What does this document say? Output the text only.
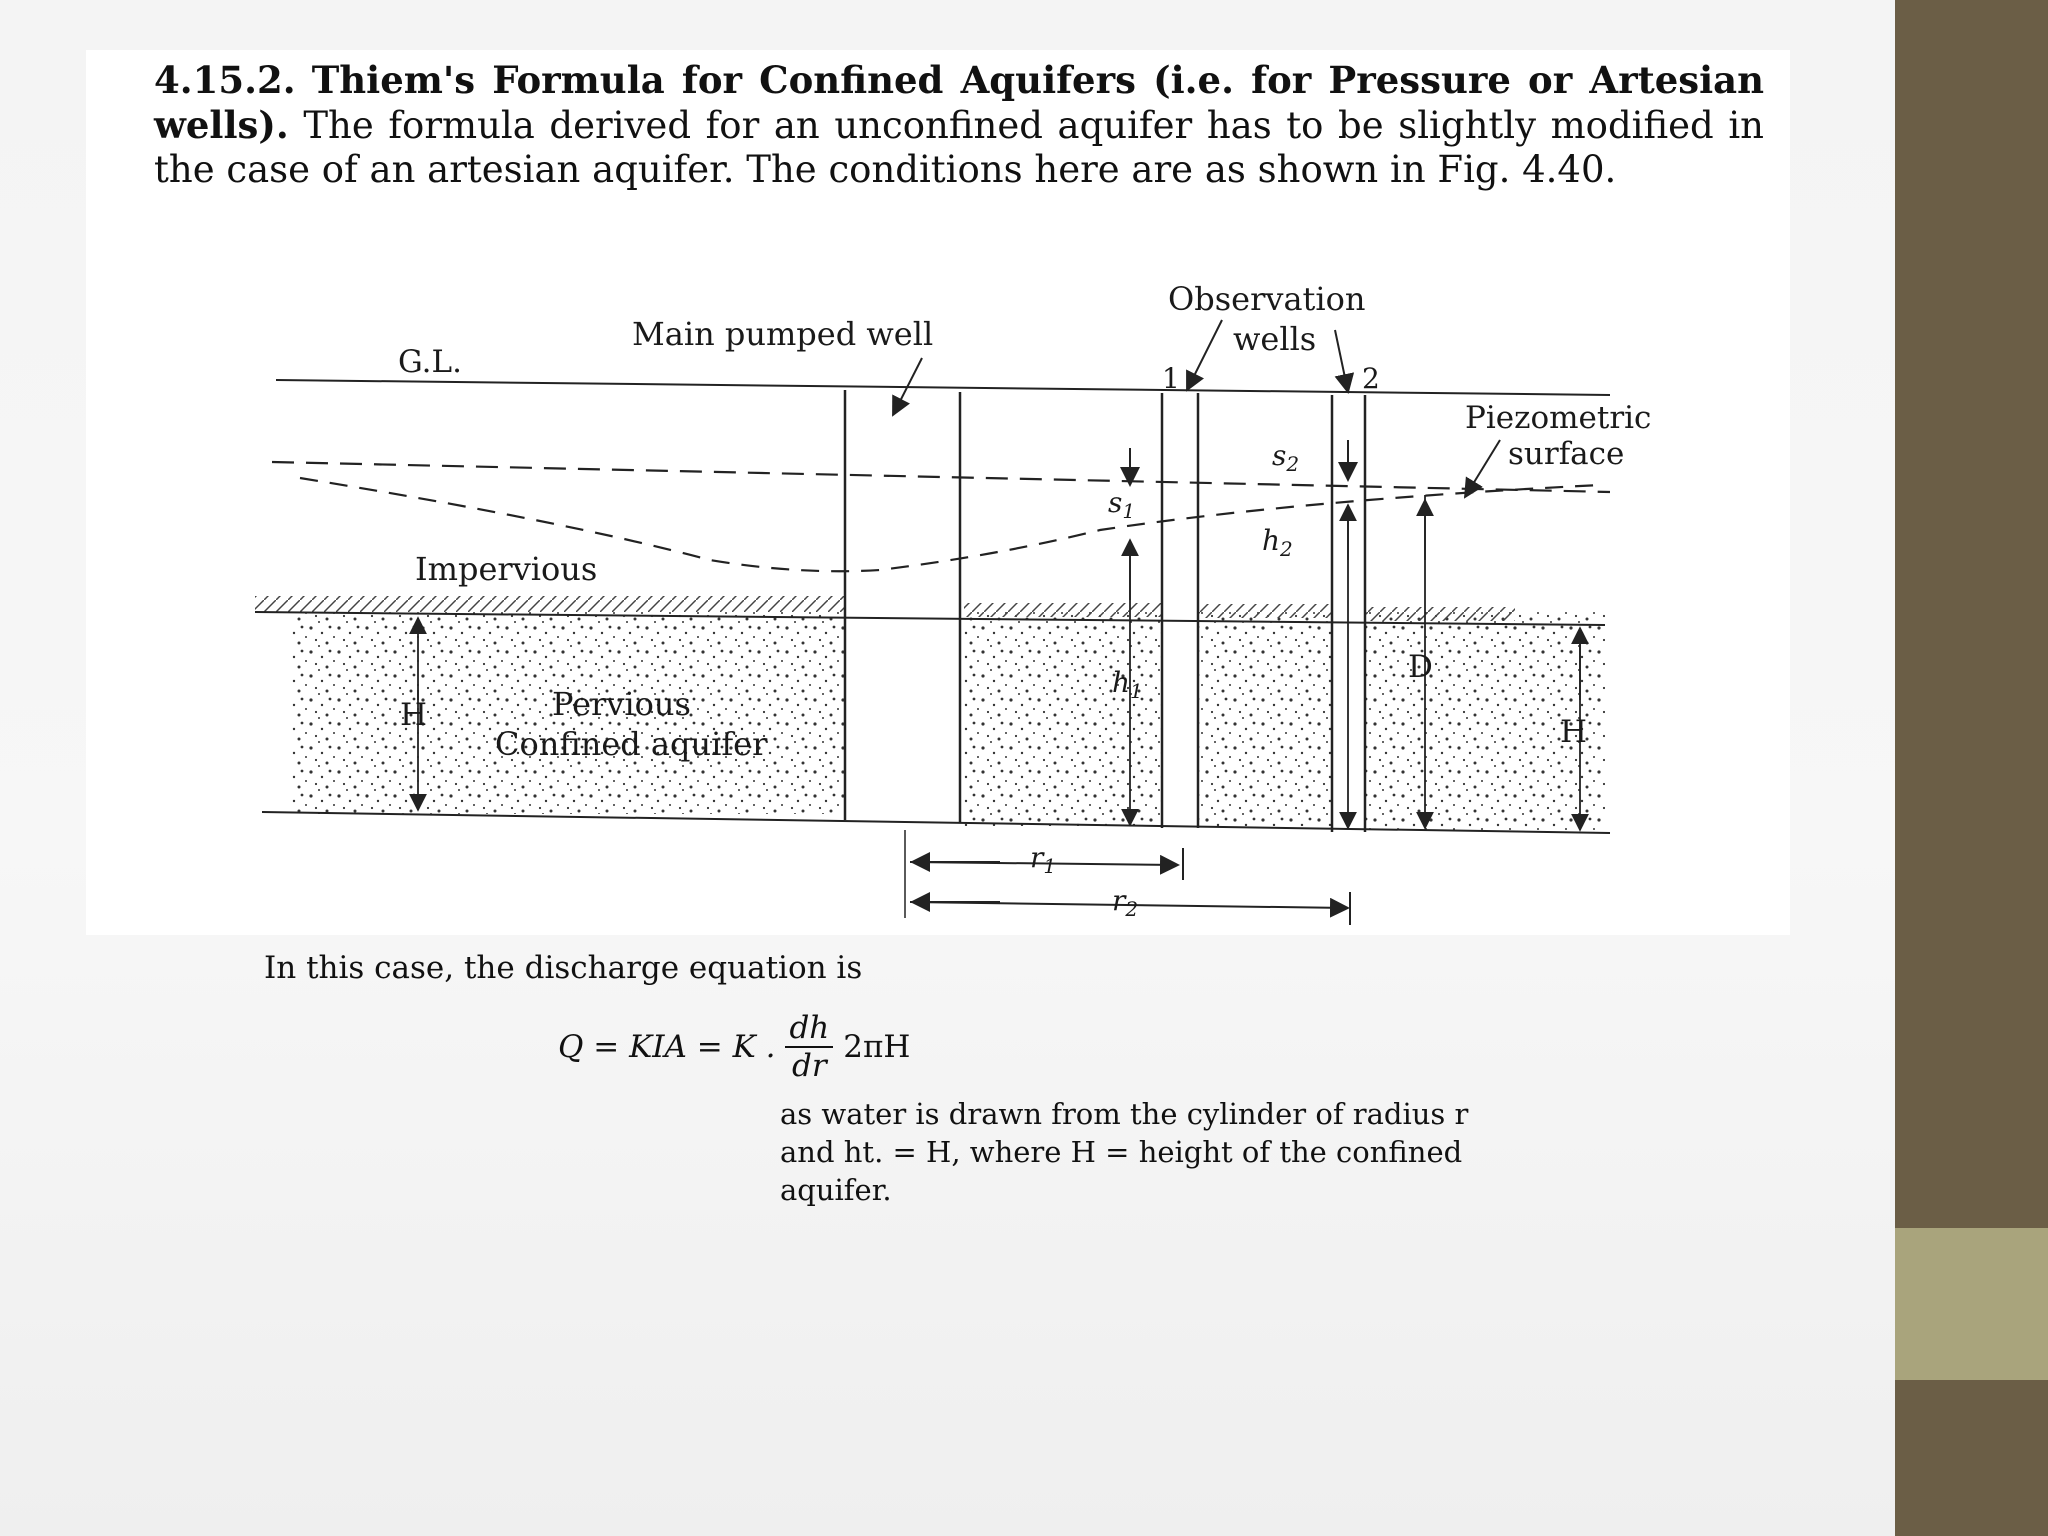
4.15.2. Thiem's Formula for Confined Aquifers (i.e. for Pressure or Artesian wells). The formula derived for an unconfined aquifer has to be slightly modified in the case of an artesian aquifer. The conditions here are as shown in Fig. 4.40.

G.L.
Main pumped well
Observation
wells
1	2
Piezometric
surface
Impervious
Pervious
Confined aquifer
H	H
D
$s_1$
$s_2$
$h_1$
$h_2$
$r_1$
$r_2$
In this case, the discharge equation is
Q = KIA = K . $\frac{dh}{dr} 2\pi H$
as water is drawn from the cylinder of radius r and ht. = H, where H = height of the confined aquifer.
